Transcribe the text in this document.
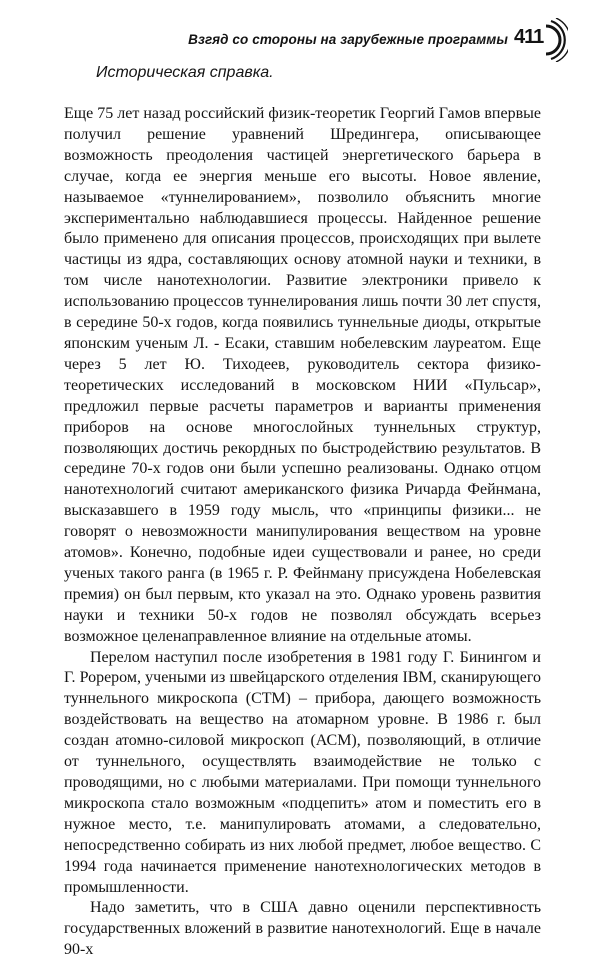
Взгяд со стороны на зарубежные программы 411
Историческая справка.

Еще 75 лет назад российский физик-теоретик Георгий Гамов впервые получил решение уравнений Шредингера, описывающее возможность преодоления частицей энергетического барьера в случае, когда ее энергия меньше его высоты. Новое явление, называемое «туннелированием», позволило объяснить многие экспериментально наблюдавшиеся процессы. Найденное решение было применено для описания процессов, происходящих при вылете частицы из ядра, составляющих основу атомной науки и техники, в том числе нанотехнологии. Развитие электроники привело к использованию процессов туннелирования лишь почти 30 лет спустя, в середине 50-х годов, когда появились туннельные диоды, открытые японским ученым Л. - Есаки, ставшим нобелевским лауреатом. Еще через 5 лет Ю. Тиходеев, руководитель сектора физико-теоретических исследований в московском НИИ «Пульсар», предложил первые расчеты параметров и варианты применения приборов на основе многослойных туннельных структур, позволяющих достичь рекордных по быстродействию результатов. В середине 70-х годов они были успешно реализованы. Однако отцом нанотехнологий считают американского физика Ричарда Фейнмана, высказавшего в 1959 году мысль, что «принципы физики... не говорят о невозможности манипулирования веществом на уровне атомов». Конечно, подобные идеи существовали и ранее, но среди ученых такого ранга (в 1965 г. Р. Фейнману присуждена Нобелевская премия) он был первым, кто указал на это. Однако уровень развития науки и техники 50-х годов не позволял обсуждать всерьез возможное целенаправленное влияние на отдельные атомы.

Перелом наступил после изобретения в 1981 году Г. Бинингом и Г. Рорером, учеными из швейцарского отделения IBM, сканирующего туннельного микроскопа (СТМ) – прибора, дающего возможность воздействовать на вещество на атомарном уровне. В 1986 г. был создан атомно-силовой микроскоп (АСМ), позволяющий, в отличие от туннельного, осуществлять взаимодействие не только с проводящими, но с любыми материалами. При помощи туннельного микроскопа стало возможным «подцепить» атом и поместить его в нужное место, т.е. манипулировать атомами, а следовательно, непосредственно собирать из них любой предмет, любое вещество. С 1994 года начинается применение нанотехнологических методов в промышленности.

Надо заметить, что в США давно оценили перспективность государственных вложений в развитие нанотехнологий. Еще в начале 90-х
